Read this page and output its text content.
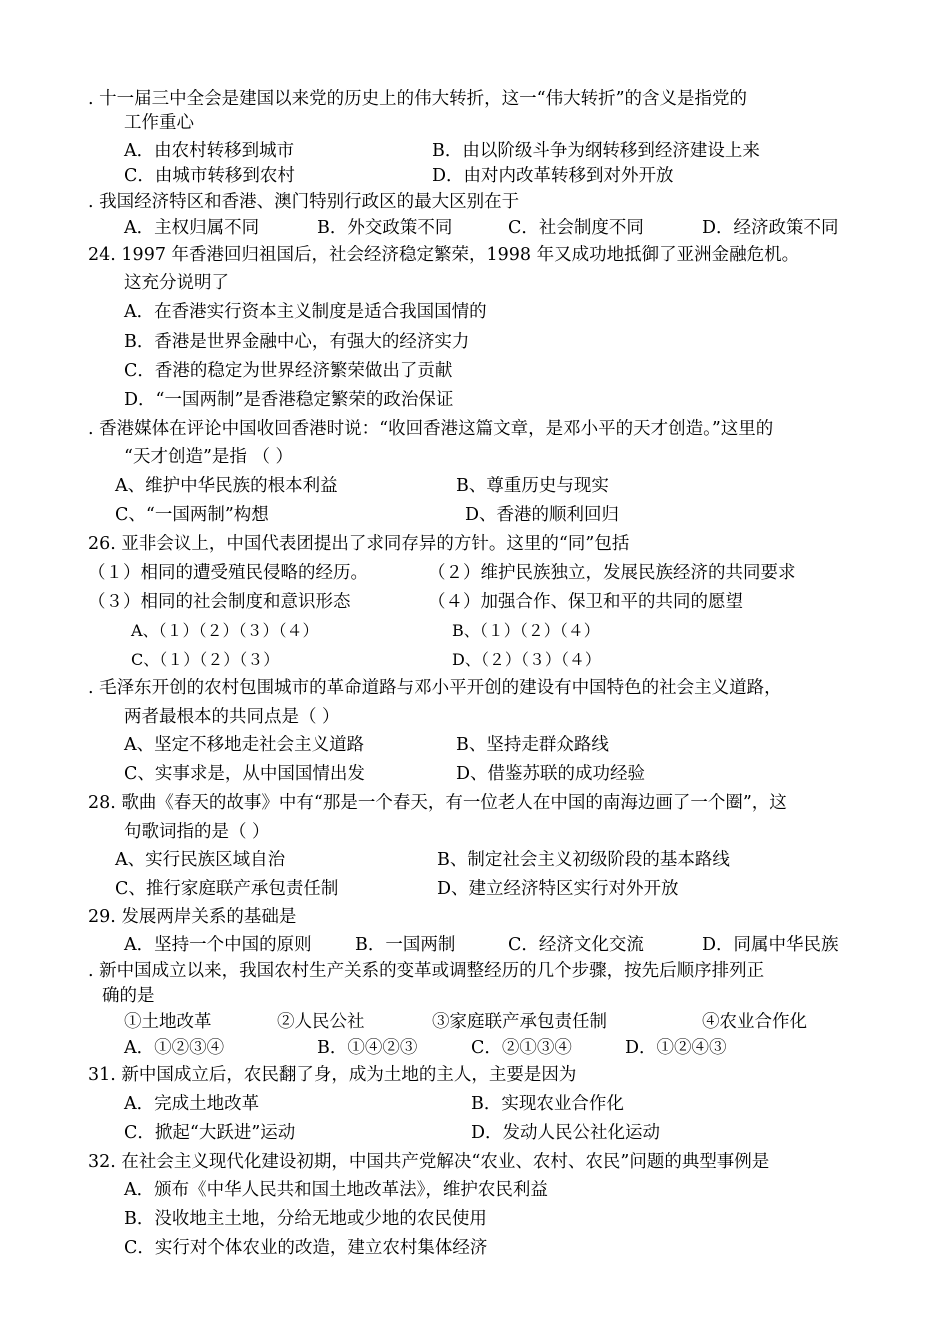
. 十一届三中全会是建国以来党的历史上的伟大转折，这一“伟大转折”的含义是指党的
工作重心
A．由农村转移到城市	B．由以阶级斗争为纲转移到经济建设上来
C．由城市转移到农村	D．由对内改革转移到对外开放
. 我国经济特区和香港、澳门特别行政区的最大区别在于
A．主权归属不同	B．外交政策不同	C．社会制度不同	D．经济政策不同
24. 1997 年香港回归祖国后，社会经济稳定繁荣，1998 年又成功地抵御了亚洲金融危机。
这充分说明了
A．在香港实行资本主义制度是适合我国国情的
B．香港是世界金融中心，有强大的经济实力
C．香港的稳定为世界经济繁荣做出了贡献
D．“一国两制”是香港稳定繁荣的政治保证
. 香港媒体在评论中国收回香港时说：“收回香港这篇文章，是邓小平的天才创造。”这里的
“天才创造”是指 （ ）
A、维护中华民族的根本利益	B、尊重历史与现实
C、“一国两制”构想	D、香港的顺利回归
26. 亚非会议上，中国代表团提出了求同存异的方针。这里的“同”包括
（１）相同的遭受殖民侵略的经历。	（２）维护民族独立，发展民族经济的共同要求
（３）相同的社会制度和意识形态	（４）加强合作、保卫和平的共同的愿望
A、（１）（２）（３）（４）	B、（１）（２）（４）
C、（１）（２）（３）	D、（２）（３）（４）
. 毛泽东开创的农村包围城市的革命道路与邓小平开创的建设有中国特色的社会主义道路，
两者最根本的共同点是（ ）
A、坚定不移地走社会主义道路	B、坚持走群众路线
C、实事求是，从中国国情出发	D、借鉴苏联的成功经验
28. 歌曲《春天的故事》中有“那是一个春天，有一位老人在中国的南海边画了一个圈”，这
句歌词指的是（ ）
A、实行民族区域自治	B、制定社会主义初级阶段的基本路线
C、推行家庭联产承包责任制	D、建立经济特区实行对外开放
29. 发展两岸关系的基础是
A．坚持一个中国的原则 B．一国两制	C．经济文化交流	D．同属中华民族
. 新中国成立以来，我国农村生产关系的变革或调整经历的几个步骤，按先后顺序排列正
确的是
①土地改革	②人民公社	③家庭联产承包责任制	④农业合作化
A．①②③④	B．①④②③	C．②①③④	D．①②④③
31. 新中国成立后，农民翻了身，成为土地的主人，主要是因为
A．完成土地改革	B．实现农业合作化
C．掀起“大跃进”运动	D．发动人民公社化运动
32. 在社会主义现代化建设初期，中国共产党解决“农业、农村、农民”问题的典型事例是
A．颁布《中华人民共和国土地改革法》，维护农民利益
B．没收地主土地，分给无地或少地的农民使用
C．实行对个体农业的改造，建立农村集体经济
